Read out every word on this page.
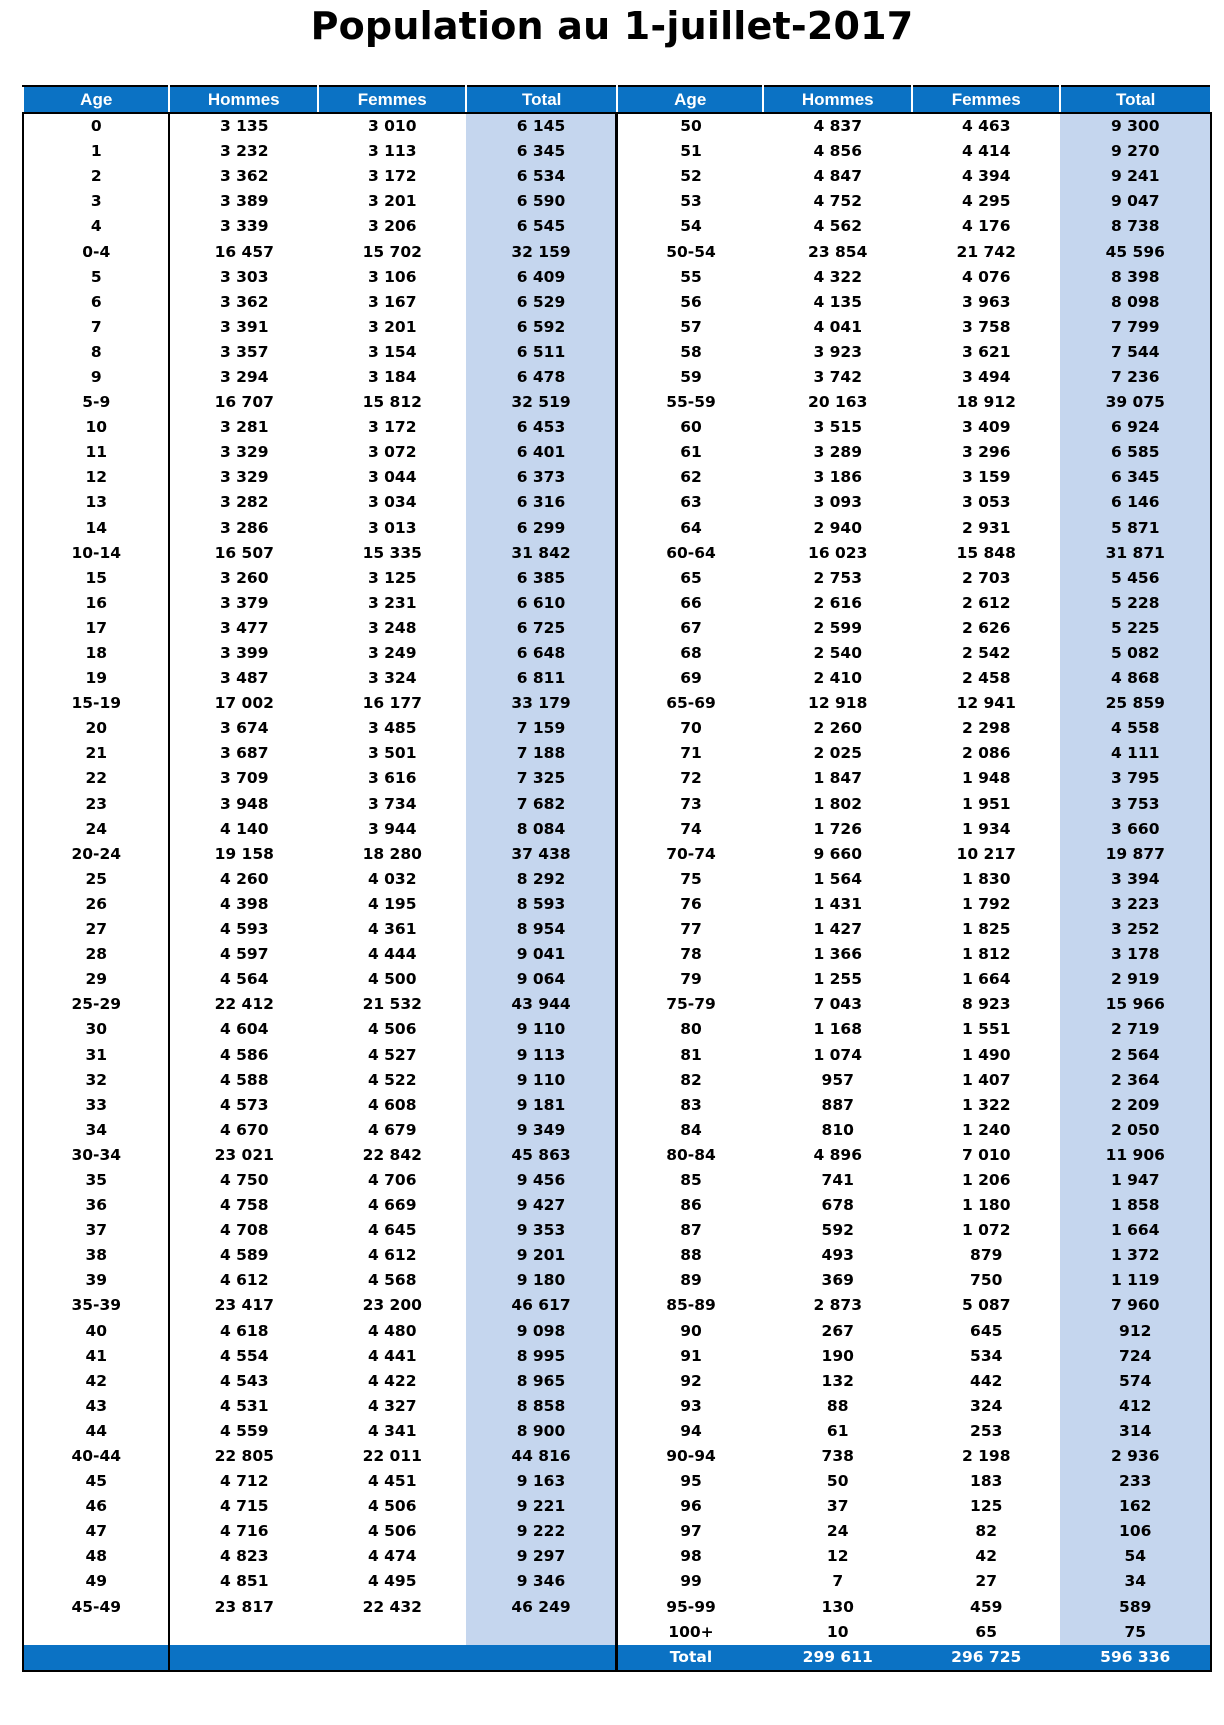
Population au 1-juillet-2017
Age	Hommes	Femmes	Total	Age	Hommes	Femmes	Total
0	3 135	3 010	6 145	50	4 837	4 463	9 300
1	3 232	3 113	6 345	51	4 856	4 414	9 270
2	3 362	3 172	6 534	52	4 847	4 394	9 241
3	3 389	3 201	6 590	53	4 752	4 295	9 047
4	3 339	3 206	6 545	54	4 562	4 176	8 738
0-4	16 457	15 702	32 159	50-54	23 854	21 742	45 596
5	3 303	3 106	6 409	55	4 322	4 076	8 398
6	3 362	3 167	6 529	56	4 135	3 963	8 098
7	3 391	3 201	6 592	57	4 041	3 758	7 799
8	3 357	3 154	6 511	58	3 923	3 621	7 544
9	3 294	3 184	6 478	59	3 742	3 494	7 236
5-9	16 707	15 812	32 519	55-59	20 163	18 912	39 075
10	3 281	3 172	6 453	60	3 515	3 409	6 924
11	3 329	3 072	6 401	61	3 289	3 296	6 585
12	3 329	3 044	6 373	62	3 186	3 159	6 345
13	3 282	3 034	6 316	63	3 093	3 053	6 146
14	3 286	3 013	6 299	64	2 940	2 931	5 871
10-14	16 507	15 335	31 842	60-64	16 023	15 848	31 871
15	3 260	3 125	6 385	65	2 753	2 703	5 456
16	3 379	3 231	6 610	66	2 616	2 612	5 228
17	3 477	3 248	6 725	67	2 599	2 626	5 225
18	3 399	3 249	6 648	68	2 540	2 542	5 082
19	3 487	3 324	6 811	69	2 410	2 458	4 868
15-19	17 002	16 177	33 179	65-69	12 918	12 941	25 859
20	3 674	3 485	7 159	70	2 260	2 298	4 558
21	3 687	3 501	7 188	71	2 025	2 086	4 111
22	3 709	3 616	7 325	72	1 847	1 948	3 795
23	3 948	3 734	7 682	73	1 802	1 951	3 753
24	4 140	3 944	8 084	74	1 726	1 934	3 660
20-24	19 158	18 280	37 438	70-74	9 660	10 217	19 877
25	4 260	4 032	8 292	75	1 564	1 830	3 394
26	4 398	4 195	8 593	76	1 431	1 792	3 223
27	4 593	4 361	8 954	77	1 427	1 825	3 252
28	4 597	4 444	9 041	78	1 366	1 812	3 178
29	4 564	4 500	9 064	79	1 255	1 664	2 919
25-29	22 412	21 532	43 944	75-79	7 043	8 923	15 966
30	4 604	4 506	9 110	80	1 168	1 551	2 719
31	4 586	4 527	9 113	81	1 074	1 490	2 564
32	4 588	4 522	9 110	82	957	1 407	2 364
33	4 573	4 608	9 181	83	887	1 322	2 209
34	4 670	4 679	9 349	84	810	1 240	2 050
30-34	23 021	22 842	45 863	80-84	4 896	7 010	11 906
35	4 750	4 706	9 456	85	741	1 206	1 947
36	4 758	4 669	9 427	86	678	1 180	1 858
37	4 708	4 645	9 353	87	592	1 072	1 664
38	4 589	4 612	9 201	88	493	879	1 372
39	4 612	4 568	9 180	89	369	750	1 119
35-39	23 417	23 200	46 617	85-89	2 873	5 087	7 960
40	4 618	4 480	9 098	90	267	645	912
41	4 554	4 441	8 995	91	190	534	724
42	4 543	4 422	8 965	92	132	442	574
43	4 531	4 327	8 858	93	88	324	412
44	4 559	4 341	8 900	94	61	253	314
40-44	22 805	22 011	44 816	90-94	738	2 198	2 936
45	4 712	4 451	9 163	95	50	183	233
46	4 715	4 506	9 221	96	37	125	162
47	4 716	4 506	9 222	97	24	82	106
48	4 823	4 474	9 297	98	12	42	54
49	4 851	4 495	9 346	99	7	27	34
45-49	23 817	22 432	46 249	95-99	130	459	589
				100+	10	65	75
				Total	299 611	296 725	596 336
